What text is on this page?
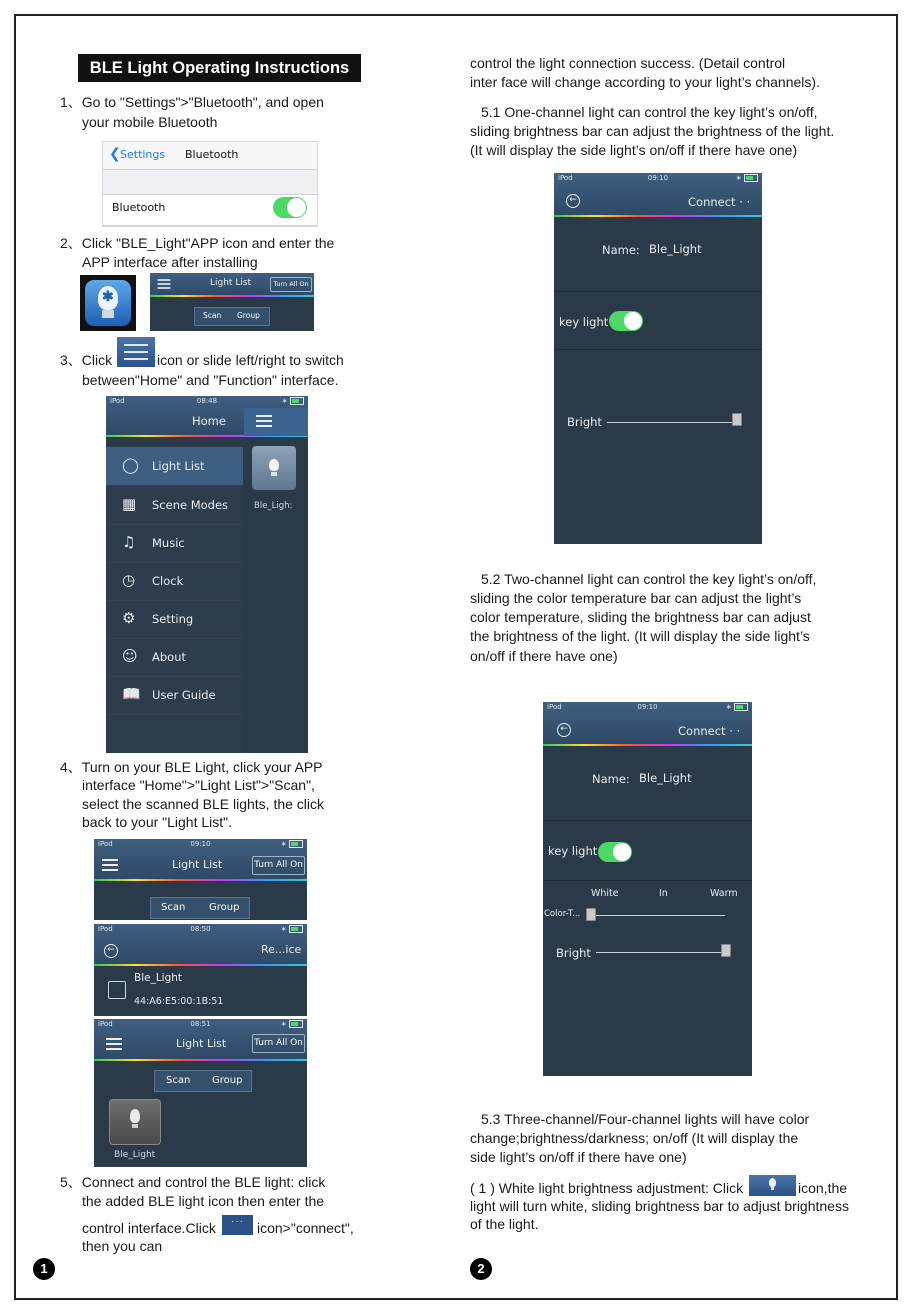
BLE Light Operating Instructions
1、Go to "Settings">"Bluetooth", and open
your mobile Bluetooth
❮ Settings Bluetooth
Bluetooth
2、Click "BLE_Light"APP icon and enter the
APP interface after installing
✱
Light List	Turn All On
Scan Group
3、Click	icon or slide left/right to switch
between"Home" and "Function" interface.
iPod	08:48	∗
Home
◯ Light List
▦ Scene Modes
♫ Music
◷ Clock
⚙ Setting
☺ About
📖 User Guide
Ble_Ligh:
4、Turn on your BLE Light, click your APP
interface "Home">"Light List">"Scan",
select the scanned BLE lights, the click
back to your "Light List".
iPod	09:10	∗
Light List	Turn All On
Scan Group
iPod	08:50	∗
←	Re...ice
Ble_Light
44:A6:E5:00:1B:51
iPod	08:51	∗
Light List	Turn All On
Scan Group
Ble_Light
5、Connect and control the BLE light: click
the added BLE light icon then enter the
control interface.Click	··· icon>"connect",
then you can
1
control the light connection success. (Detail control
inter face will change according to your light’s channels).
5.1 One-channel light can control the key light’s on/off,
sliding brightness bar can adjust the brightness of the light.
(It will display the side light’s on/off if there have one)
iPod	09:10	∗
←	Connect · ·
Name: Ble_Light
key light
Bright
5.2 Two-channel light can control the key light’s on/off,
sliding the color temperature bar can adjust the light’s
color temperature, sliding the brightness bar can adjust
the brightness of the light. (It will display the side light’s
on/off if there have one)
iPod	09:10	∗
←	Connect · ·
Name: Ble_Light
key light
White	In	Warm
Color-T...
Bright
5.3 Three-channel/Four-channel lights will have color
change;brightness/darkness; on/off (It will display the
side light’s on/off if there have one)
( 1 ) White light brightness adjustment: Click	icon,the
light will turn white, sliding brightness bar to adjust brightness
of the light.
2
